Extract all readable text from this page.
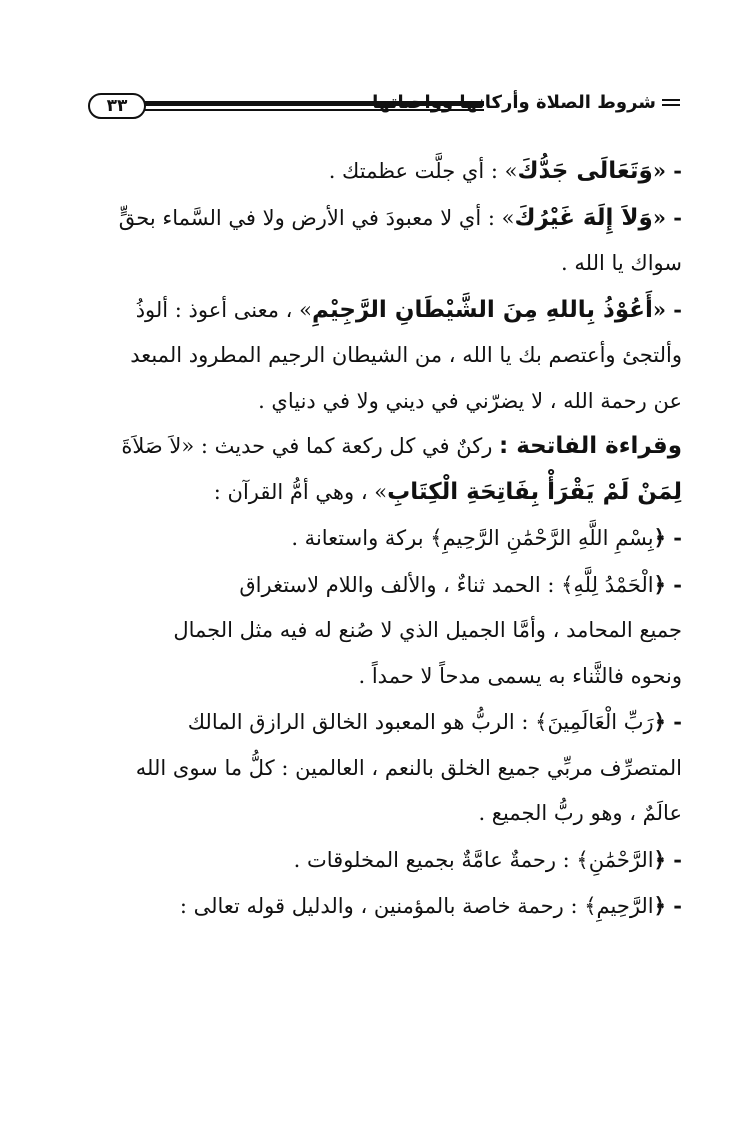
٣٣	شروط الصلاة وأركانها وواجباتها
- «وَتَعَالَى جَدُّكَ» : أي جلَّت عظمتك .
- «وَلاَ إِلَهَ غَيْرُكَ» : أي لا معبودَ في الأرض ولا في السَّماء بحقٍّ
سواك يا الله .
- «أَعُوْذُ بِاللهِ مِنَ الشَّيْطَانِ الرَّجِيْمِ» ، معنى أعوذ : ألوذُ
وألتجئ وأعتصم بك يا الله ، من الشيطان الرجيم المطرود المبعد
عن رحمة الله ، لا يضرّني في ديني ولا في دنياي .
وقراءة الفاتحة : ركنٌ في كل ركعة كما في حديث : «لاَ صَلاَةَ
لِمَنْ لَمْ يَقْرَأْ بِفَاتِحَةِ الْكِتَابِ» ، وهي أمُّ القرآن :
- ﴿بِسْمِ اللَّهِ الرَّحْمَٰنِ الرَّحِيمِ﴾ بركة واستعانة .
- ﴿الْحَمْدُ لِلَّهِ﴾ : الحمد ثناءٌ ، والألف واللام لاستغراق
جميع المحامد ، وأمَّا الجميل الذي لا صُنع له فيه مثل الجمال
ونحوه فالثَّناء به يسمى مدحاً لا حمداً .
- ﴿رَبِّ الْعَالَمِينَ﴾ : الربُّ هو المعبود الخالق الرازق المالك
المتصرِّف مربِّي جميع الخلق بالنعم ، العالمين : كلُّ ما سوى الله
عالَمٌ ، وهو ربُّ الجميع .
- ﴿الرَّحْمَٰنِ﴾ : رحمةٌ عامَّةٌ بجميع المخلوقات .
- ﴿الرَّحِيمِ﴾ : رحمة خاصة بالمؤمنين ، والدليل قوله تعالى :
